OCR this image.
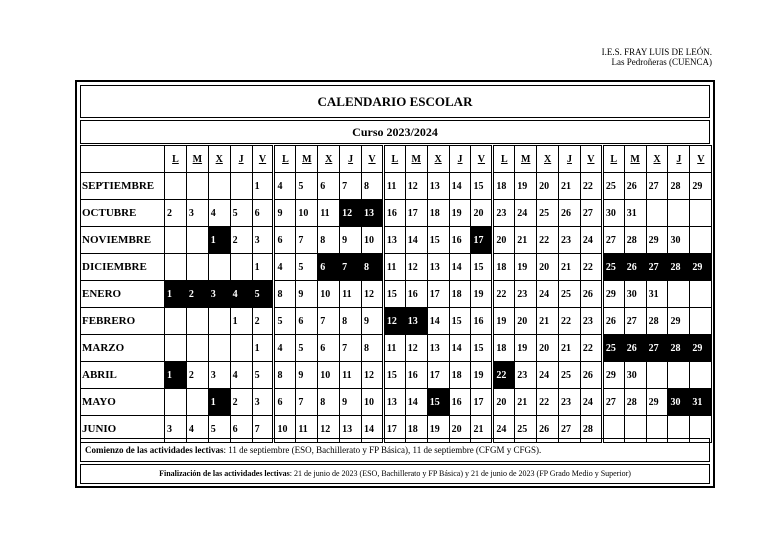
I.E.S. FRAY LUIS DE LEÓN.
Las Pedroñeras (CUENCA)
CALENDARIO ESCOLAR
Curso 2023/2024
	L	M	X	J	V	L	M	X	J	V	L	M	X	J	V	L	M	X	J	V	L	M	X	J	V
SEPTIEMBRE					1	4	5	6	7	8	11	12	13	14	15	18	19	20	21	22	25	26	27	28	29
OCTUBRE	2	3	4	5	6	9	10	11	12	13	16	17	18	19	20	23	24	25	26	27	30	31			
NOVIEMBRE			1	2	3	6	7	8	9	10	13	14	15	16	17	20	21	22	23	24	27	28	29	30	
DICIEMBRE					1	4	5	6	7	8	11	12	13	14	15	18	19	20	21	22	25	26	27	28	29
ENERO	1	2	3	4	5	8	9	10	11	12	15	16	17	18	19	22	23	24	25	26	29	30	31		
FEBRERO				1	2	5	6	7	8	9	12	13	14	15	16	19	20	21	22	23	26	27	28	29	
MARZO					1	4	5	6	7	8	11	12	13	14	15	18	19	20	21	22	25	26	27	28	29
ABRIL	1	2	3	4	5	8	9	10	11	12	15	16	17	18	19	22	23	24	25	26	29	30			
MAYO			1	2	3	6	7	8	9	10	13	14	15	16	17	20	21	22	23	24	27	28	29	30	31
JUNIO	3	4	5	6	7	10	11	12	13	14	17	18	19	20	21	24	25	26	27	28					
Comienzo de las actividades lectivas: 11 de septiembre (ESO, Bachillerato y FP Básica), 11 de septiembre (CFGM y CFGS).
Finalización de las actividades lectivas: 21 de junio de 2023 (ESO, Bachillerato y FP Básica) y 21 de junio de 2023 (FP Grado Medio y Superior)
